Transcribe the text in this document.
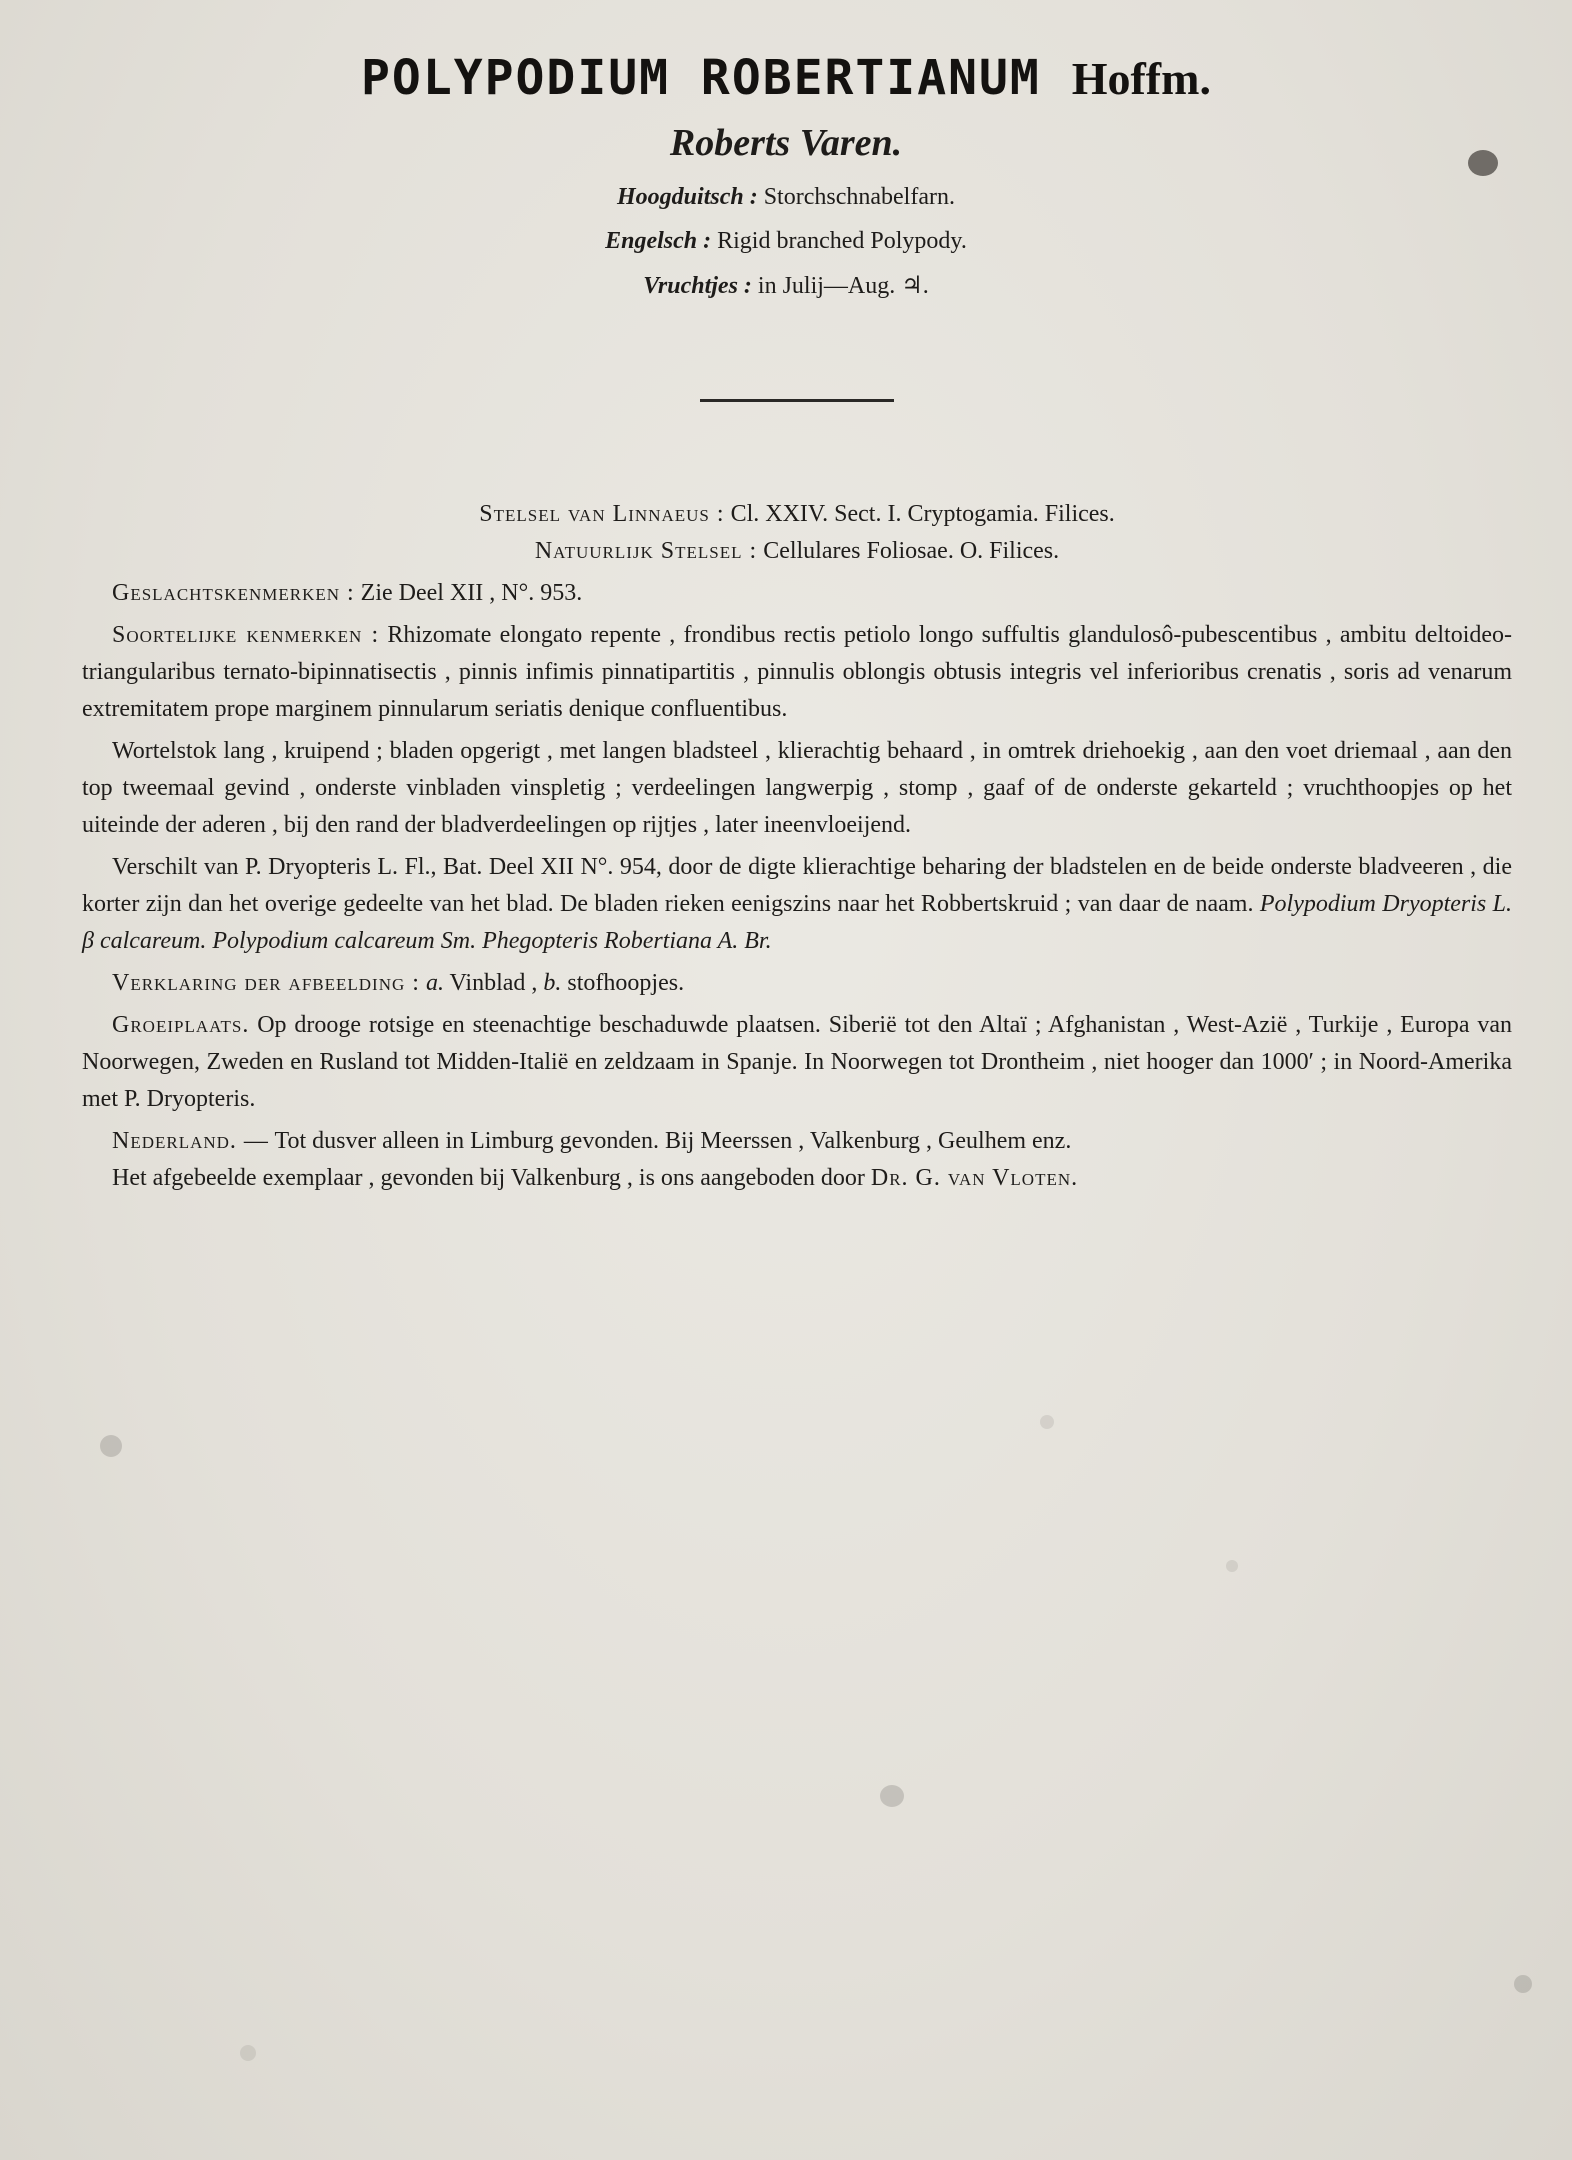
POLYPODIUM ROBERTIANUM Hoffm.
Roberts Varen.
Hoogduitsch : Storchschnabelfarn.
Engelsch : Rigid branched Polypody.
Vruchtjes : in Julij—Aug. ♃.
Stelsel van Linnaeus : Cl. XXIV. Sect. I. Cryptogamia. Filices.
Natuurlijk Stelsel : Cellulares Foliosae. O. Filices.

Geslachtskenmerken : Zie Deel XII , N°. 953.

Soortelijke kenmerken : Rhizomate elongato repente , frondibus rectis petiolo longo suffultis glandulosô-pubescentibus , ambitu deltoideo-triangularibus ternato-bipinnatisectis , pinnis infimis pinnatipartitis , pinnulis oblongis obtusis integris vel inferioribus crenatis , soris ad venarum extremitatem prope marginem pinnularum seriatis denique confluentibus.

Wortelstok lang , kruipend ; bladen opgerigt , met langen bladsteel , klierachtig behaard , in omtrek driehoekig , aan den voet driemaal , aan den top tweemaal gevind , onderste vinbladen vinspletig ; verdeelingen langwerpig , stomp , gaaf of de onderste gekarteld ; vruchthoopjes op het uiteinde der aderen , bij den rand der bladverdeelingen op rijtjes , later ineenvloeijend.

Verschilt van P. Dryopteris L. Fl., Bat. Deel XII N°. 954, door de digte klierachtige beharing der bladstelen en de beide onderste bladveeren , die korter zijn dan het overige gedeelte van het blad. De bladen rieken eenigszins naar het Robbertskruid ; van daar de naam. Polypodium Dryopteris L. β calcareum. Polypodium calcareum Sm. Phegopteris Robertiana A. Br.

Verklaring der afbeelding : a. Vinblad , b. stofhoopjes.

Groeiplaats. Op drooge rotsige en steenachtige beschaduwde plaatsen. Siberië tot den Altaï ; Afghanistan , West-Azië , Turkije , Europa van Noorwegen, Zweden en Rusland tot Midden-Italië en zeldzaam in Spanje. In Noorwegen tot Drontheim , niet hooger dan 1000′ ; in Noord-Amerika met P. Dryopteris.

Nederland. — Tot dusver alleen in Limburg gevonden. Bij Meerssen , Valkenburg , Geulhem enz.

Het afgebeelde exemplaar , gevonden bij Valkenburg , is ons aangeboden door Dr. G. van Vloten.
